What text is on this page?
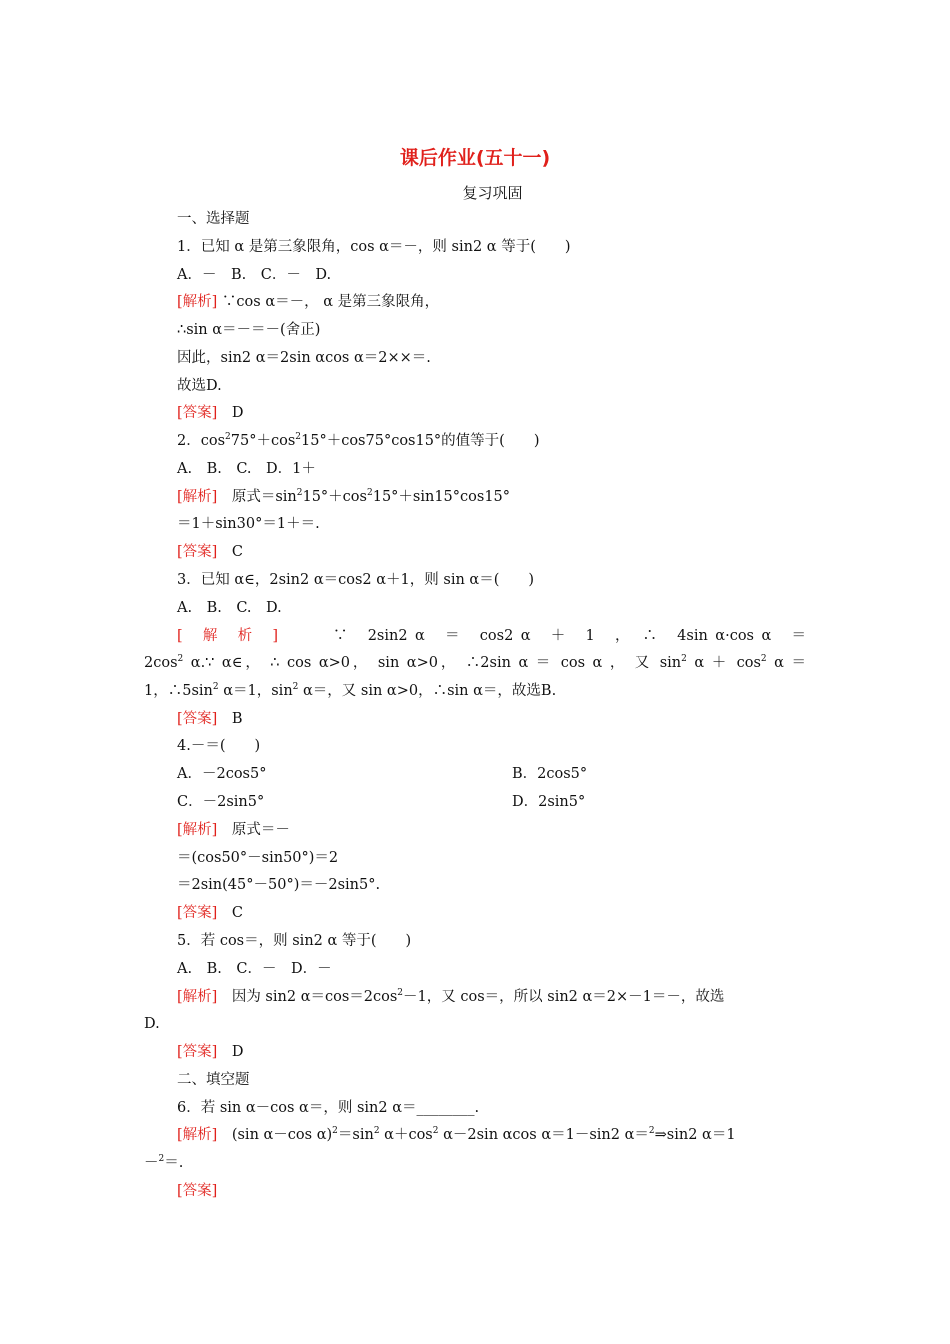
课后作业(五十一)
复习巩固
一、选择题
1．已知 α 是第三象限角，cos α＝－，则 sin2 α 等于(　　)
A．－　B.　C．－　D.
[解析] ∵cos α＝－， α 是第三象限角，
∴sin α＝－＝－(舍正)
因此，sin2 α＝2sin αcos α＝2××＝.
故选D.
[答案]　D
2．$\cos^275^\circ+\cos^215^\circ+\cos 75^\circ\cos 15^\circ$的值等于(　　)
A.　B.　C.　D．1＋
[解析]　原式$=\sin^215^\circ+\cos^215^\circ+\sin 15^\circ\cos 15^\circ$
＝1＋sin30°＝1＋＝.
[答案]　C
3．已知 α∈，2sin2 α＝cos2 α＋1，则 sin α＝(　　)
A.　B.　C.　D.
[　解　析　]　　　	∵　2sin2 α　＝　cos2 α　＋　1　，　∴　4sin α·cos α　＝
$2\cos^2$ α.∵ α∈， ∴ cos α>0， sin α>0， ∴2sin α ＝ cos α ， 又 $\sin^2 \alpha + \cos^2 \alpha$ ＝
1，$\therefore 5\sin^2$ α＝1，$\sin^2 \alpha=$，又 sin α>0，∴sin α＝，故选B.
[答案]　B
4.－＝(　　)
A．－2cos5°	B．2cos5°
C．－2sin5°	D．2sin5°
[解析]　原式＝－
＝(cos50°－sin50°)＝2
＝2sin(45°－50°)＝－2sin5°.
[答案]　C
5．若 cos＝，则 sin2 α 等于(　　)
A.　B.　C．－　D．－
[解析]　因为 sin2 $\alpha=\cos=2\cos^2-1$，又 cos＝，所以 sin2 α＝2×－1＝－，故选
D.
[答案]　D
二、填空题
6．若 sin α－cos α＝，则 sin2 α＝________.
[解析]　(sin α－cos $\alpha)^2=\sin^2$ $\alpha+\cos^2$ α－2sin αcos α＝1－sin2 α＝$^2$⇒sin2 α＝1
－$^2$＝.
[答案]
